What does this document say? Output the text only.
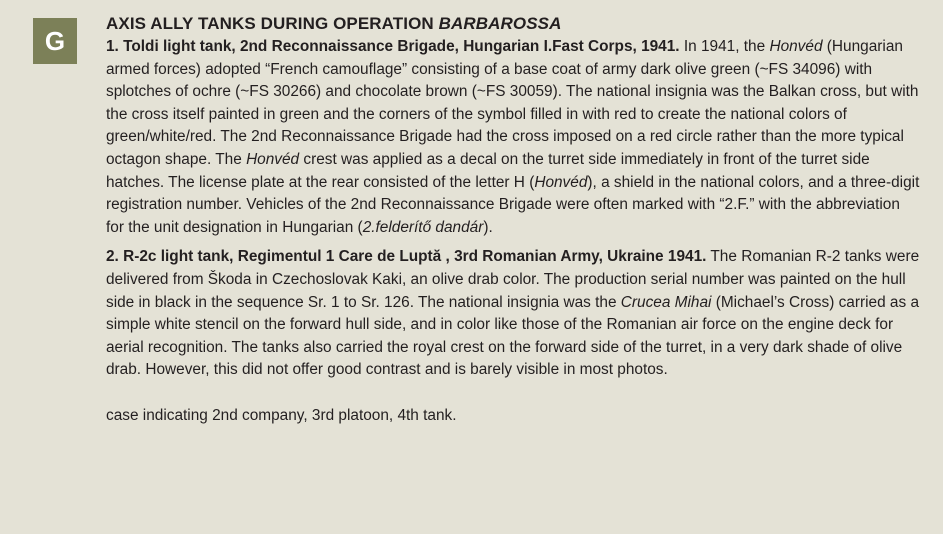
G
AXIS ALLY TANKS DURING OPERATION BARBAROSSA

1. Toldi light tank, 2nd Reconnaissance Brigade, Hungarian I.Fast Corps, 1941. In 1941, the Honvéd (Hungarian armed forces) adopted “French camouflage” consisting of a base coat of army dark olive green (~FS 34096) with splotches of ochre (~FS 30266) and chocolate brown (~FS 30059). The national insignia was the Balkan cross, but with the cross itself painted in green and the corners of the symbol filled in with red to create the national colors of green/white/red. The 2nd Reconnaissance Brigade had the cross imposed on a red circle rather than the more typical octagon shape. The Honvéd crest was applied as a decal on the turret side immediately in front of the turret side hatches. The license plate at the rear consisted of the letter H (Honvéd), a shield in the national colors, and a three-digit registration number. Vehicles of the 2nd Reconnaissance Brigade were often marked with “2.F.” with the abbreviation for the unit designation in Hungarian (2.felderítő dandár).

2. R-2c light tank, Regimentul 1 Care de Luptă , 3rd Romanian Army, Ukraine 1941. The Romanian R-2 tanks were delivered from Škoda in Czechoslovak Kaki, an olive drab color. The production serial number was painted on the hull side in black in the sequence Sr. 1 to Sr. 126. The national insignia was the Crucea Mihai (Michael’s Cross) carried as a simple white stencil on the forward hull side, and in color like those of the Romanian air force on the engine deck for aerial recognition. The tanks also carried the royal crest on the forward side of the turret, in a very dark shade of olive drab. However, this did not offer good contrast and is barely visible in most photos.

case indicating 2nd company, 3rd platoon, 4th tank.
